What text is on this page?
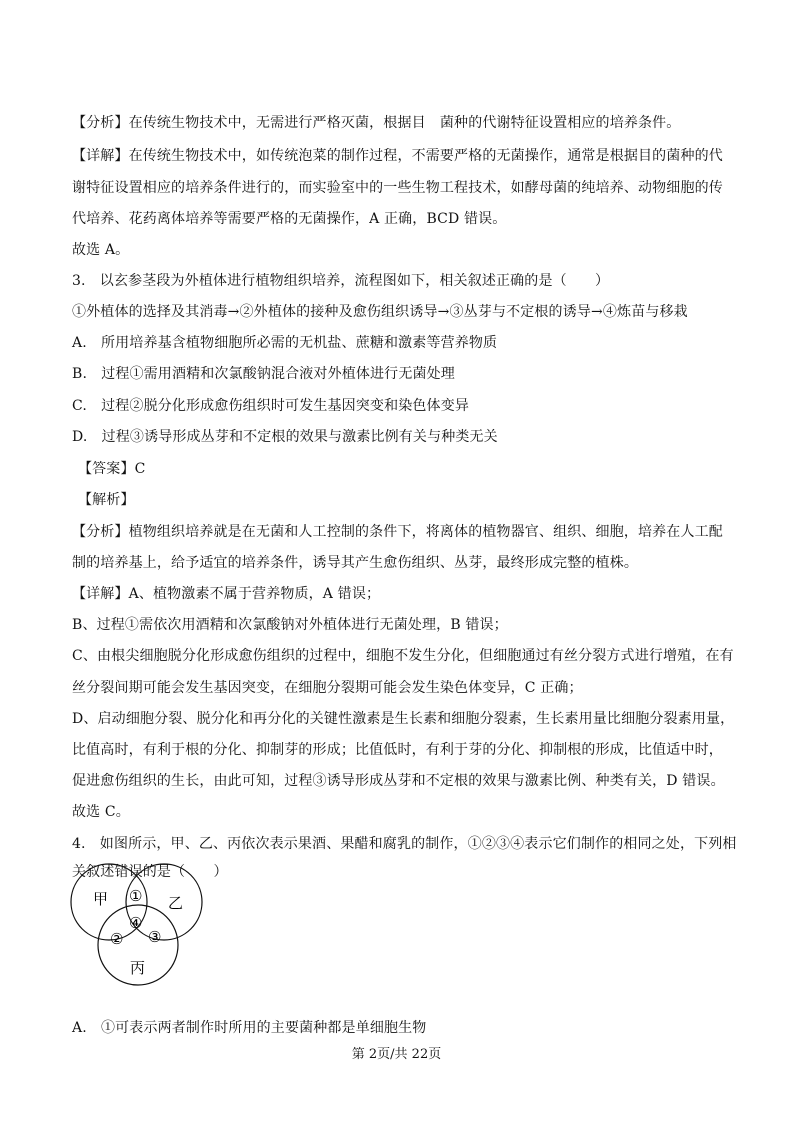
【分析】在传统生物技术中，无需进行严格灭菌，根据目　菌种的代谢特征设置相应的培养条件。
【详解】在传统生物技术中，如传统泡菜的制作过程，不需要严格的无菌操作，通常是根据目的菌种的代
谢特征设置相应的培养条件进行的，而实验室中的一些生物工程技术，如酵母菌的纯培养、动物细胞的传
代培养、花药离体培养等需要严格的无菌操作，A 正确，BCD 错误。
故选 A。
3.　以玄参茎段为外植体进行植物组织培养，流程图如下，相关叙述正确的是（　　）
①外植体的选择及其消毒→②外植体的接种及愈伤组织诱导→③丛芽与不定根的诱导→④炼苗与移栽
A.　所用培养基含植物细胞所必需的无机盐、蔗糖和激素等营养物质
B.　过程①需用酒精和次氯酸钠混合液对外植体进行无菌处理
C.　过程②脱分化形成愈伤组织时可发生基因突变和染色体变异
D.　过程③诱导形成丛芽和不定根的效果与激素比例有关与种类无关
【答案】C
【解析】
【分析】植物组织培养就是在无菌和人工控制的条件下，将离体的植物器官、组织、细胞，培养在人工配
制的培养基上，给予适宜的培养条件，诱导其产生愈伤组织、丛芽，最终形成完整的植株。
【详解】A、植物激素不属于营养物质，A 错误；
B、过程①需依次用酒精和次氯酸钠对外植体进行无菌处理，B 错误；
C、由根尖细胞脱分化形成愈伤组织的过程中，细胞不发生分化，但细胞通过有丝分裂方式进行增殖，在有
丝分裂间期可能会发生基因突变，在细胞分裂期可能会发生染色体变异，C 正确；
D、启动细胞分裂、脱分化和再分化的关键性激素是生长素和细胞分裂素，生长素用量比细胞分裂素用量，
比值高时，有利于根的分化、抑制芽的形成；比值低时，有利于芽的分化、抑制根的形成，比值适中时，
促进愈伤组织的生长，由此可知，过程③诱导形成丛芽和不定根的效果与激素比例、种类有关，D 错误。
故选 C。
4.　如图所示，甲、乙、丙依次表示果酒、果醋和腐乳的制作，①②③④表示它们制作的相同之处，下列相
关叙述错误的是（　　）
甲	乙
丙
①
④
② ③
A.　①可表示两者制作时所用的主要菌种都是单细胞生物
第 2页/共 22页
